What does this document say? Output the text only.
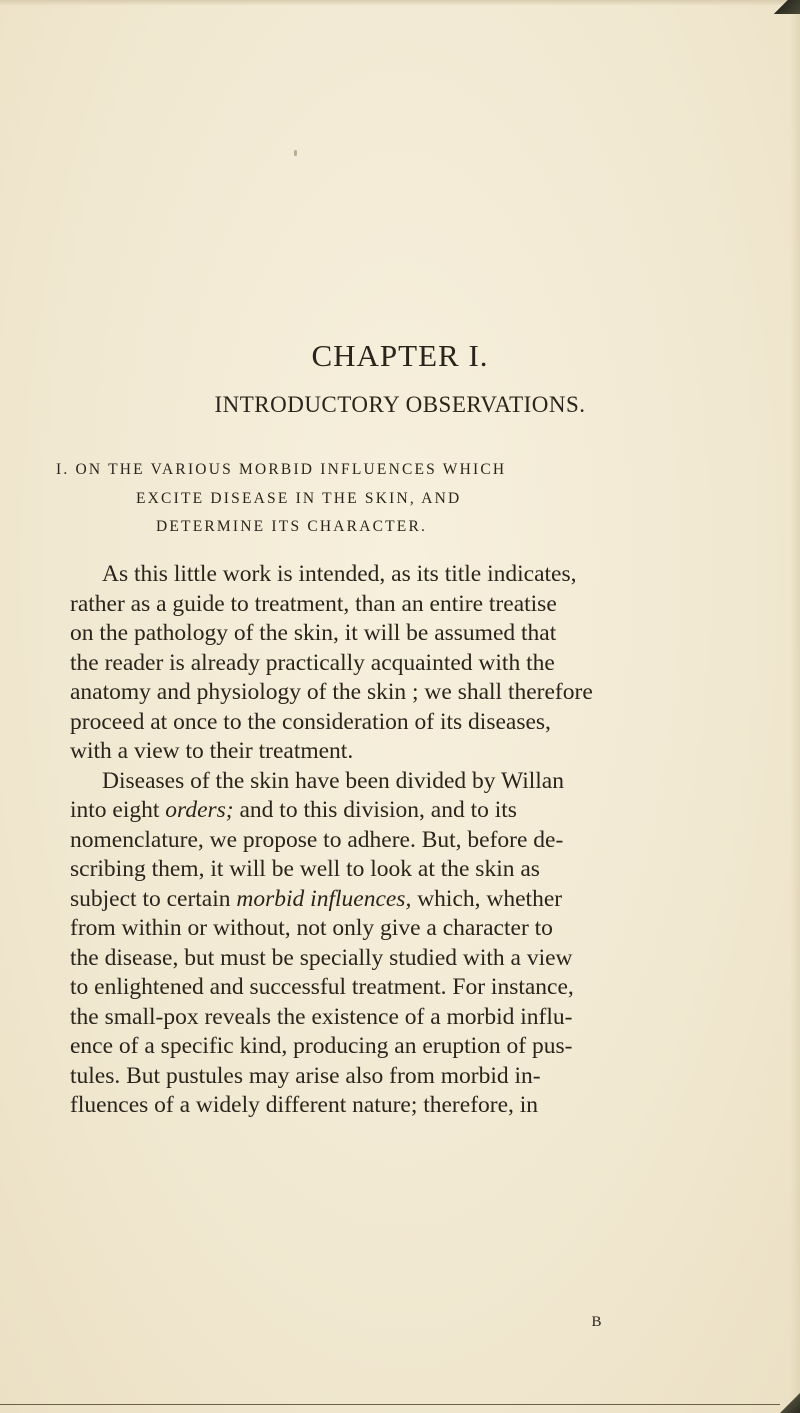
CHAPTER I.
INTRODUCTORY OBSERVATIONS.
I. ON THE VARIOUS MORBID INFLUENCES WHICH
EXCITE DISEASE IN THE SKIN, AND
DETERMINE ITS CHARACTER.
As this little work is intended, as its title indicates,
rather as a guide to treatment, than an entire treatise
on the pathology of the skin, it will be assumed that
the reader is already practically acquainted with the
anatomy and physiology of the skin ; we shall therefore
proceed at once to the consideration of its diseases,
with a view to their treatment.
Diseases of the skin have been divided by Willan
into eight orders; and to this division, and to its
nomenclature, we propose to adhere. But, before de-
scribing them, it will be well to look at the skin as
subject to certain morbid influences, which, whether
from within or without, not only give a character to
the disease, but must be specially studied with a view
to enlightened and successful treatment. For instance,
the small-pox reveals the existence of a morbid influ-
ence of a specific kind, producing an eruption of pus-
tules. But pustules may arise also from morbid in-
fluences of a widely different nature; therefore, in
B
